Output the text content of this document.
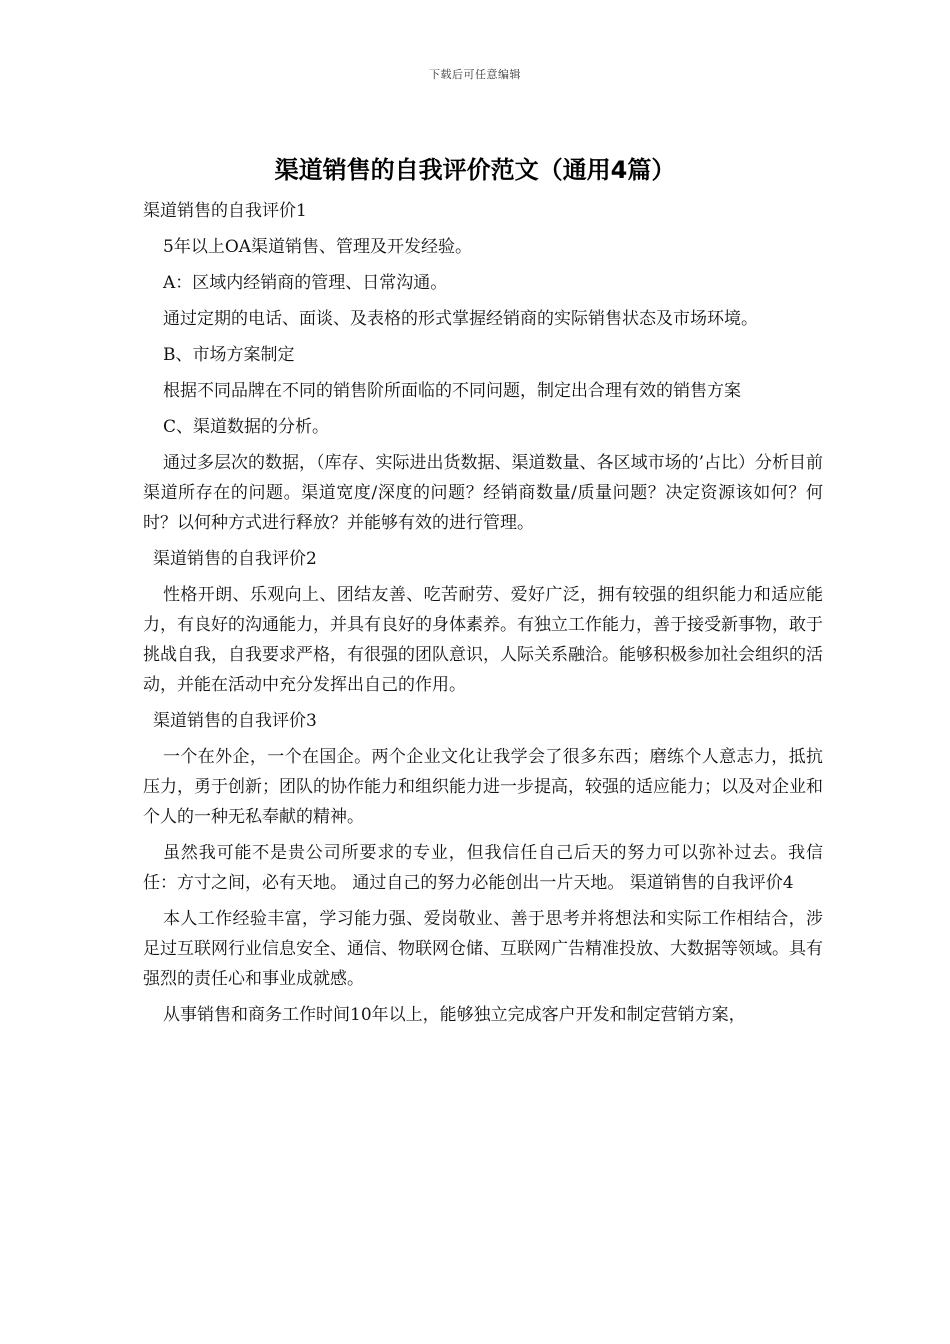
下载后可任意编辑
渠道销售的自我评价范文（通用4篇）

渠道销售的自我评价1

5年以上OA渠道销售、管理及开发经验。

A：区域内经销商的管理、日常沟通。

通过定期的电话、面谈、及表格的形式掌握经销商的实际销售状态及市场环境。

B、市场方案制定

根据不同品牌在不同的销售阶所面临的不同问题，制定出合理有效的销售方案

C、渠道数据的分析。

通过多层次的数据，（库存、实际进出货数据、渠道数量、各区域市场的’占比）分析目前渠道所存在的问题。渠道宽度/深度的问题？经销商数量/质量问题？决定资源该如何？何时？以何种方式进行释放？并能够有效的进行管理。

渠道销售的自我评价2

性格开朗、乐观向上、团结友善、吃苦耐劳、爱好广泛，拥有较强的组织能力和适应能力，有良好的沟通能力，并具有良好的身体素养。有独立工作能力，善于接受新事物，敢于挑战自我，自我要求严格，有很强的团队意识，人际关系融洽。能够积极参加社会组织的活动，并能在活动中充分发挥出自己的作用。

渠道销售的自我评价3

一个在外企，一个在国企。两个企业文化让我学会了很多东西；磨练个人意志力，抵抗压力，勇于创新；团队的协作能力和组织能力进一步提高，较强的适应能力；以及对企业和个人的一种无私奉献的精神。

虽然我可能不是贵公司所要求的专业，但我信任自己后天的努力可以弥补过去。我信任：方寸之间，必有天地。 通过自己的努力必能创出一片天地。 渠道销售的自我评价4

本人工作经验丰富，学习能力强、爱岗敬业、善于思考并将想法和实际工作相结合，涉足过互联网行业信息安全、通信、物联网仓储、互联网广告精准投放、大数据等领域。具有强烈的责任心和事业成就感。

从事销售和商务工作时间10年以上，能够独立完成客户开发和制定营销方案，
